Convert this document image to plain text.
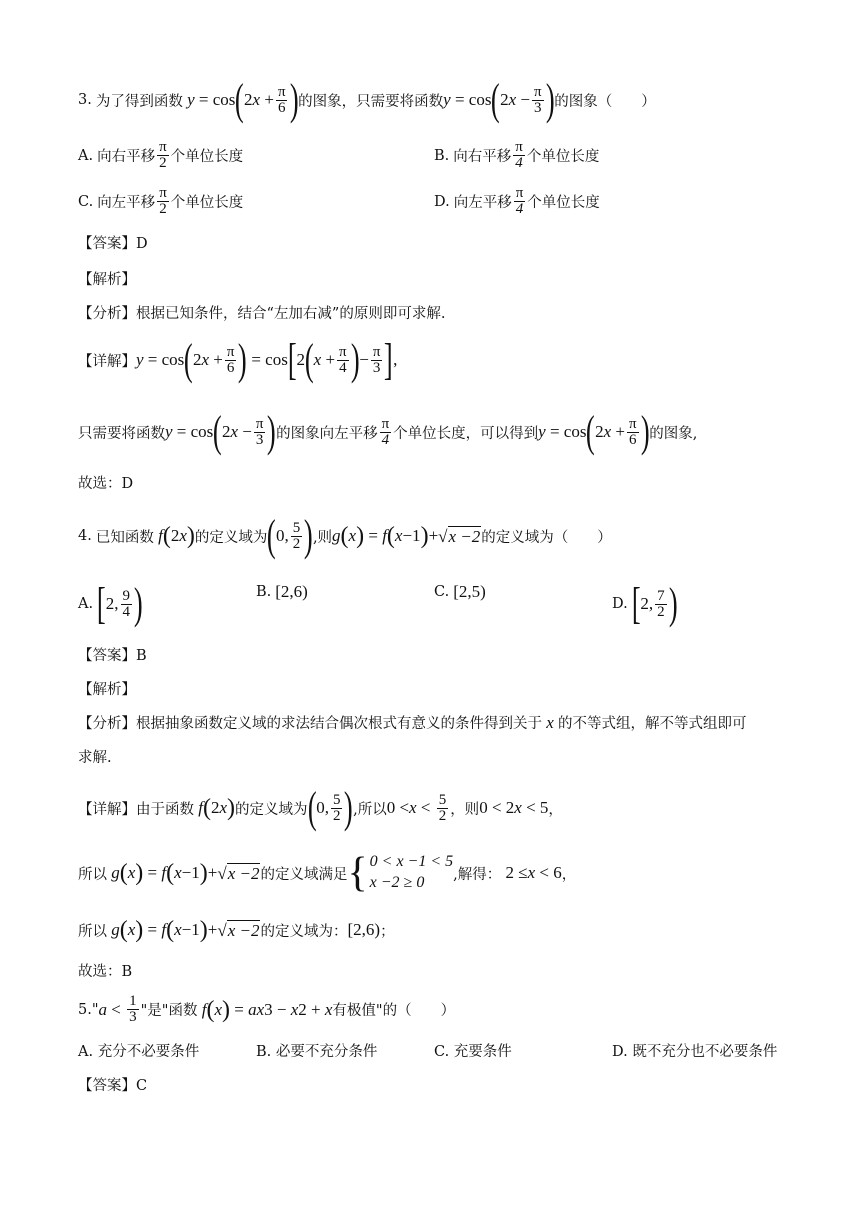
3. 为了得到函数 y = cos ( 2 $x + \frac{\pi}{6}$ ) 的图象，只需要将函数 y = cos ( 2 $x - \frac{\pi}{3}$ ) 的图象（　　）
A. 向右平移 $\frac{\pi}{2}$ 个单位长度	B. 向右平移 $\frac{\pi}{4}$ 个单位长度
C. 向左平移 $\frac{\pi}{2}$ 个单位长度	D. 向左平移 $\frac{\pi}{4}$ 个单位长度
【答案】D
【解析】
【分析】根据已知条件，结合“左加右减”的原则即可求解.
【详解】 y = cos ( 2 $x + \frac{\pi}{6}$ ) = cos [ 2 ( $x + \frac{\pi}{4}$ ) − $\frac{\pi}{3}$ ] ,
只需要将函数 y = cos ( 2 $x - \frac{\pi}{3}$ ) 的图象向左平移 $\frac{\pi}{4}$ 个单位长度，可以得到 y = cos ( 2 $x + \frac{\pi}{6}$ ) 的图象,
故选：D
4. 已知函数 f ( 2 x ) 的定义域为 ( 0, $\frac{5}{2}$ ) ,则 g ( x ) = f ( x −1 ) + √ x −2 的定义域为（　　）
A. [ 2, $\frac{9}{4}$ )	B. [2,6)	C. [2,5)
D. [ 2, $\frac{7}{2}$ )
【答案】B
【解析】
【分析】根据抽象函数定义域的求法结合偶次根式有意义的条件得到关于 x 的不等式组，解不等式组即可
求解.
【详解】由于函数 f ( 2 x ) 的定义域为 ( 0, $\frac{5}{2}$ ) ,所以 $0 < x < \frac{5}{2}$ ，则 0 < 2 x < 5 ，
所以 g ( x ) = f ( x −1 ) + √ x −2 的定义域满足 { 0 < x −1 < 5
x −2 ≥ 0	,解得： 2 ≤ x < 6 ，
所以 g ( x ) = f ( x −1 ) + √ x −2 的定义域为： [2,6) ；
故选：B
5. " $a < \frac{1}{3}$ "是"函数 f ( x ) = ax 3 − x 2 + x 有极值"的（　　）
A. 充分不必要条件	B. 必要不充分条件	C. 充要条件	D. 既不充分也不必要条件
【答案】C
